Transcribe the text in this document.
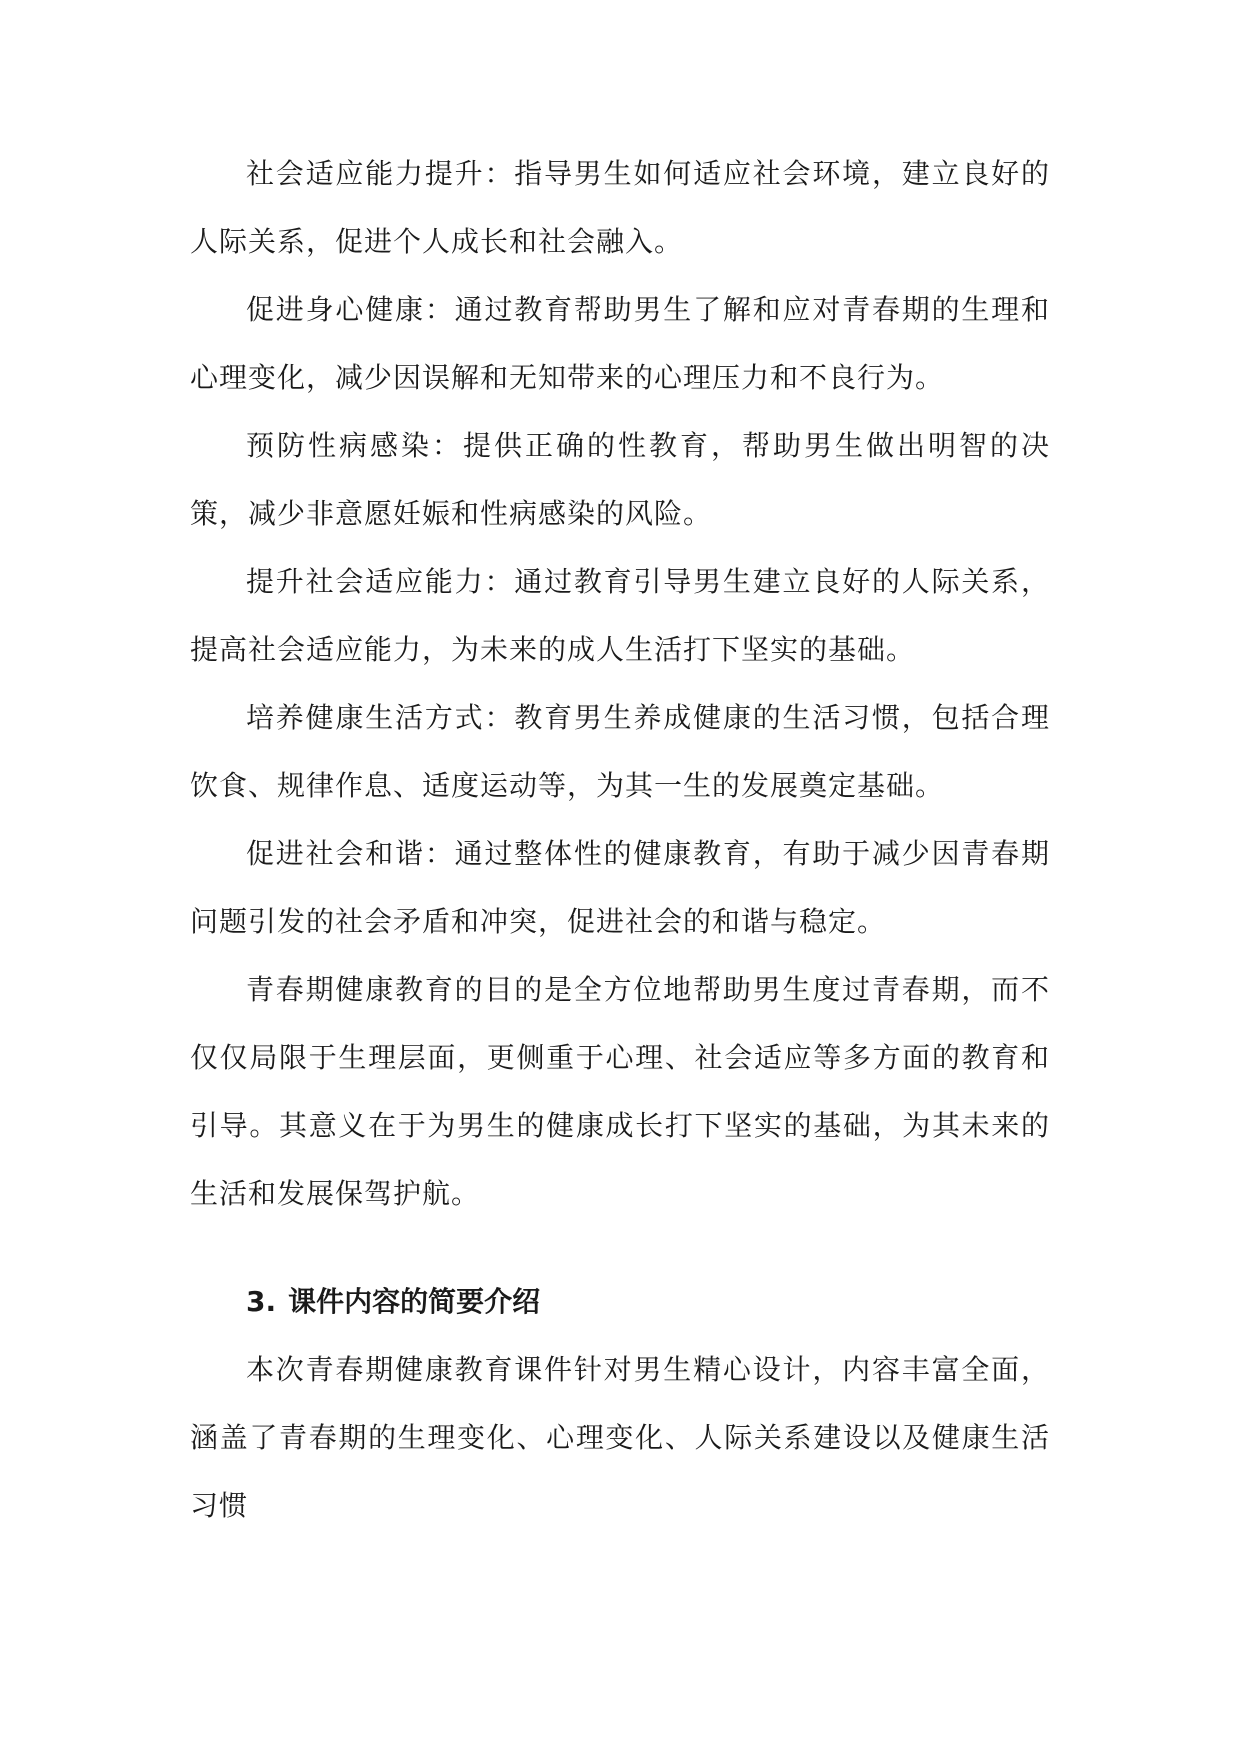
社会适应能力提升：指导男生如何适应社会环境，建立良好的人际关系，促进个人成长和社会融入。

促进身心健康：通过教育帮助男生了解和应对青春期的生理和心理变化，减少因误解和无知带来的心理压力和不良行为。

预防性病感染：提供正确的性教育，帮助男生做出明智的决策，减少非意愿妊娠和性病感染的风险。

提升社会适应能力：通过教育引导男生建立良好的人际关系，提高社会适应能力，为未来的成人生活打下坚实的基础。

培养健康生活方式：教育男生养成健康的生活习惯，包括合理饮食、规律作息、适度运动等，为其一生的发展奠定基础。

促进社会和谐：通过整体性的健康教育，有助于减少因青春期问题引发的社会矛盾和冲突，促进社会的和谐与稳定。

青春期健康教育的目的是全方位地帮助男生度过青春期，而不仅仅局限于生理层面，更侧重于心理、社会适应等多方面的教育和引导。其意义在于为男生的健康成长打下坚实的基础，为其未来的生活和发展保驾护航。

3. 课件内容的简要介绍

本次青春期健康教育课件针对男生精心设计，内容丰富全面，涵盖了青春期的生理变化、心理变化、人际关系建设以及健康生活习惯
